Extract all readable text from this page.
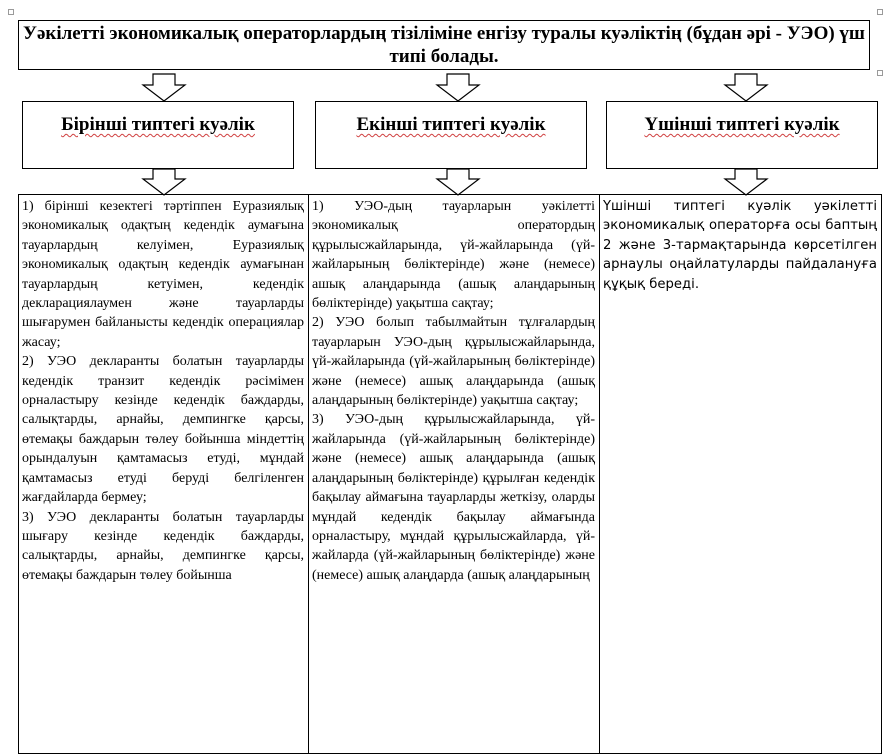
Уәкілетті экономикалық операторлардың тізіліміне енгізу туралы куәліктің (бұдан әрі - УЭО) үш типі болады.
Бірінші типтегі куәлік	Екінші типтегі куәлік	Үшінші типтегі куәлік

1) бірінші кезектегі тәртіппен Еуразиялық экономикалық одақтың кедендік аумағына тауарлардың келуімен, Еуразиялық экономикалық одақтың кедендік аумағынан тауарлардың кетуімен, кедендік декларациялаумен және тауарларды шығарумен байланысты кедендік операциялар жасау;

2) УЭО декларанты болатын тауарларды кедендік транзит кедендік рәсімімен орналастыру кезінде кедендік баждарды, салықтарды, арнайы, демпингке қарсы, өтемақы баждарын төлеу бойынша міндеттің орындалуын қамтамасыз етуді, мұндай қамтамасыз етуді беруді белгіленген жағдайларда бермеу;

3) УЭО декларанты болатын тауарларды шығару кезінде кедендік баждарды, салықтарды, арнайы, демпингке қарсы, өтемақы баждарын төлеу бойынша

1) УЭО-дың тауарларын уәкілетті экономикалық оператордың құрылысжайларында, үй-жайларында (үй-жайларының бөліктерінде) және (немесе) ашық алаңдарында (ашық алаңдарының бөліктерінде) уақытша сақтау;

2) УЭО болып табылмайтын тұлғалардың тауарларын УЭО-дың құрылысжайларында, үй-жайларында (үй-жайларының бөліктерінде) және (немесе) ашық алаңдарында (ашық алаңдарының бөліктерінде) уақытша сақтау;

3) УЭО-дың құрылысжайларында, үй-жайларында (үй-жайларының бөліктерінде) және (немесе) ашық алаңдарында (ашық алаңдарының бөліктерінде) құрылған кедендік бақылау аймағына тауарларды жеткізу, оларды мұндай кедендік бақылау аймағында орналастыру, мұндай құрылысжайларда, үй-жайларда (үй-жайларының бөліктерінде) және (немесе) ашық алаңдарда (ашық алаңдарының

Үшінші типтегі куәлік уәкілетті экономикалық операторға осы баптың 2 және 3-тармақтарында көрсетілген арнаулы оңайлатуларды пайдалануға құқық береді.
